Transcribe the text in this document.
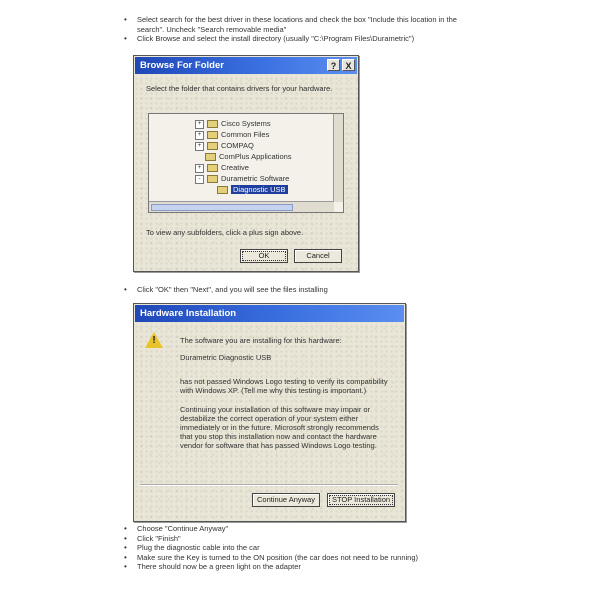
• Select search for the best driver in these locations and check the box "Include this location in the search". Uncheck "Search removable media"
• Click Browse and select the install directory (usually "C:\Program Files\Durametric")
Browse For Folder	?	X
Select the folder that contains drivers for your hardware.
+	Cisco Systems
+	Common Files
+	COMPAQ
ComPlus Applications
+	Creative
-	Durametric Software
Diagnostic USB
To view any subfolders, click a plus sign above.
OK	Cancel
• Click "OK" then "Next", and you will see the files installing
Hardware Installation
!	The software you are installing for this hardware:
Durametric Diagnostic USB
has not passed Windows Logo testing to verify its compatibility with Windows XP. (Tell me why this testing is important.)
Continuing your installation of this software may impair or destabilize the correct operation of your system either immediately or in the future. Microsoft strongly recommends that you stop this installation now and contact the hardware vendor for software that has passed Windows Logo testing.
Continue Anyway	STOP Installation
• Choose "Continue Anyway"
• Click "Finish"
• Plug the diagnostic cable into the car
• Make sure the Key is turned to the ON position (the car does not need to be running)
• There should now be a green light on the adapter
